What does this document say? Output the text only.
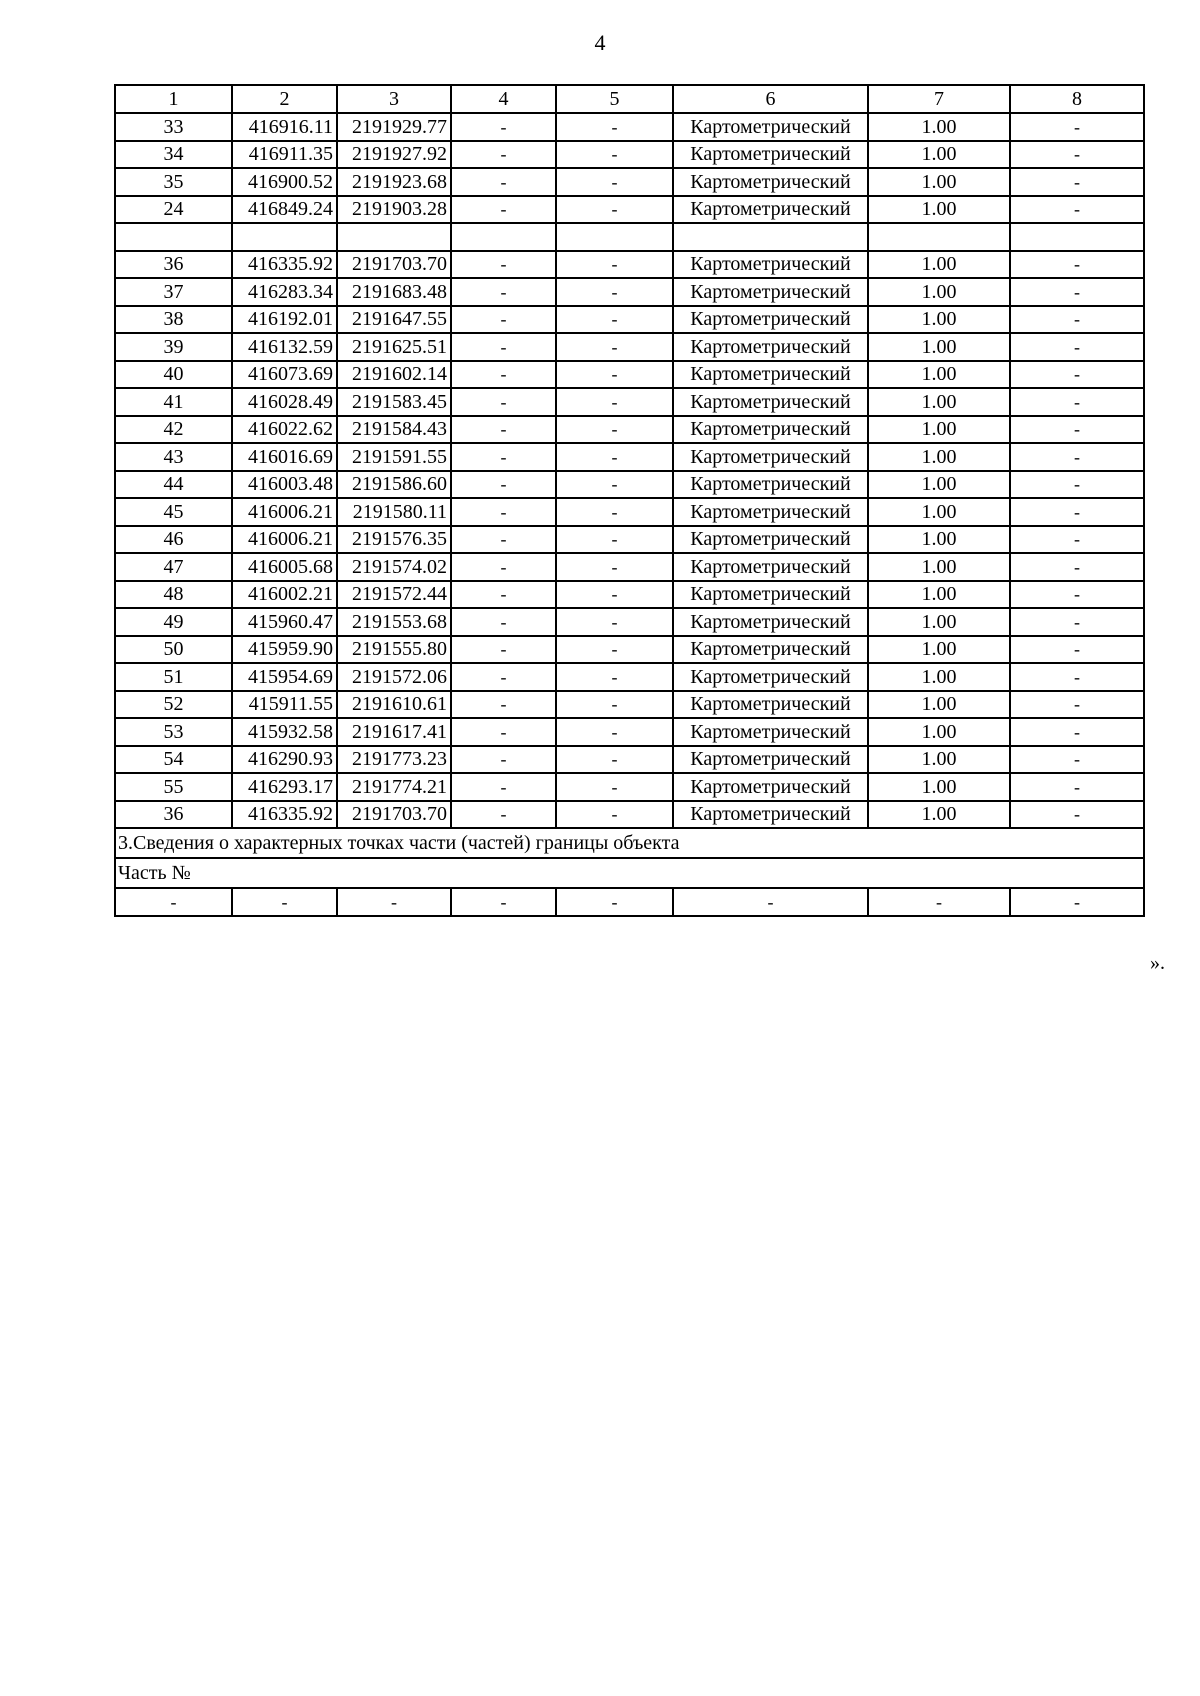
4
1	2	3	4	5	6	7	8
33	416916.11	2191929.77	-	-	Картометрический	1.00	-
34	416911.35	2191927.92	-	-	Картометрический	1.00	-
35	416900.52	2191923.68	-	-	Картометрический	1.00	-
24	416849.24	2191903.28	-	-	Картометрический	1.00	-

36	416335.92	2191703.70	-	-	Картометрический	1.00	-
37	416283.34	2191683.48	-	-	Картометрический	1.00	-
38	416192.01	2191647.55	-	-	Картометрический	1.00	-
39	416132.59	2191625.51	-	-	Картометрический	1.00	-
40	416073.69	2191602.14	-	-	Картометрический	1.00	-
41	416028.49	2191583.45	-	-	Картометрический	1.00	-
42	416022.62	2191584.43	-	-	Картометрический	1.00	-
43	416016.69	2191591.55	-	-	Картометрический	1.00	-
44	416003.48	2191586.60	-	-	Картометрический	1.00	-
45	416006.21	2191580.11	-	-	Картометрический	1.00	-
46	416006.21	2191576.35	-	-	Картометрический	1.00	-
47	416005.68	2191574.02	-	-	Картометрический	1.00	-
48	416002.21	2191572.44	-	-	Картометрический	1.00	-
49	415960.47	2191553.68	-	-	Картометрический	1.00	-
50	415959.90	2191555.80	-	-	Картометрический	1.00	-
51	415954.69	2191572.06	-	-	Картометрический	1.00	-
52	415911.55	2191610.61	-	-	Картометрический	1.00	-
53	415932.58	2191617.41	-	-	Картометрический	1.00	-
54	416290.93	2191773.23	-	-	Картометрический	1.00	-
55	416293.17	2191774.21	-	-	Картометрический	1.00	-
36	416335.92	2191703.70	-	-	Картометрический	1.00	-
3.Сведения о характерных точках части (частей) границы объекта							
Часть №							
-	-	-	-	-	-	-	-
».
